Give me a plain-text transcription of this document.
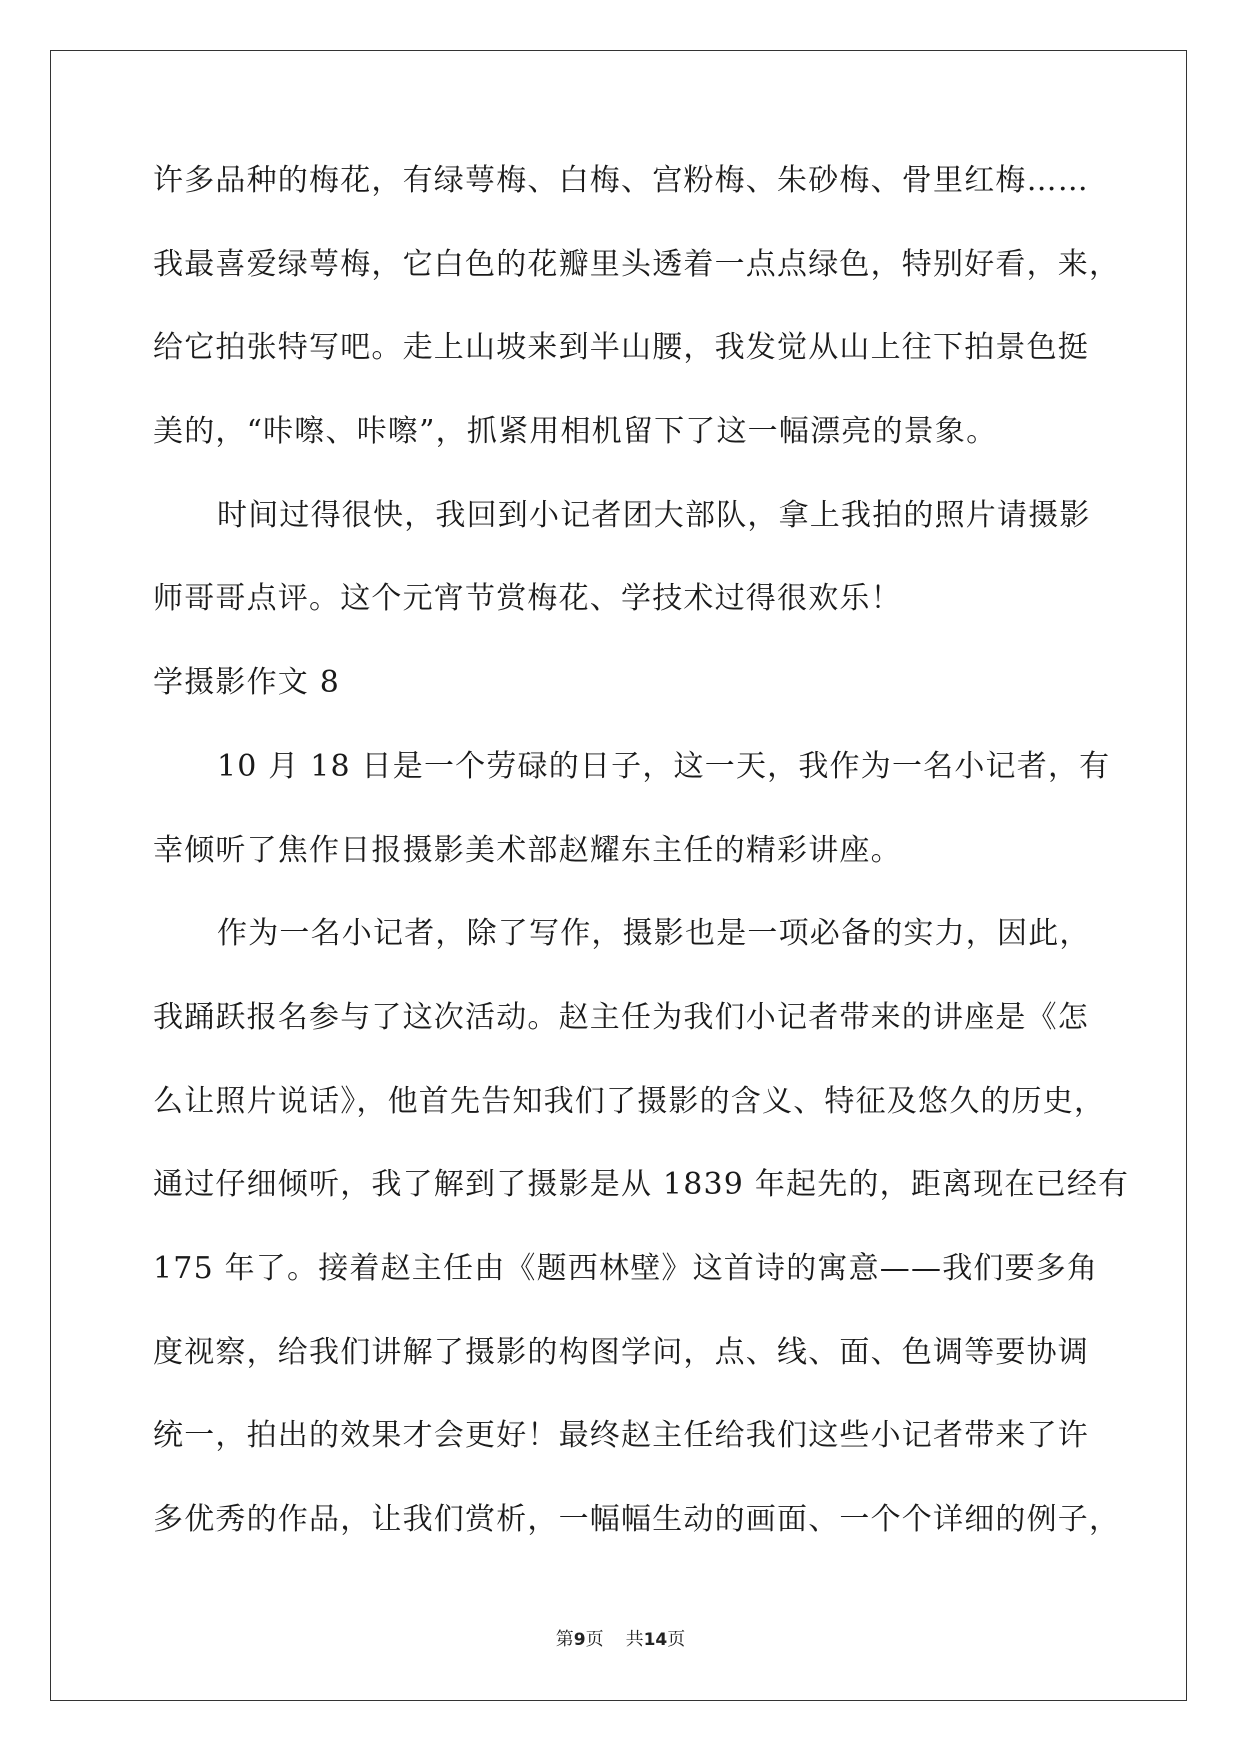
许多品种的梅花，有绿萼梅、白梅、宫粉梅、朱砂梅、骨里红梅……
我最喜爱绿萼梅，它白色的花瓣里头透着一点点绿色，特别好看，来，
给它拍张特写吧。走上山坡来到半山腰，我发觉从山上往下拍景色挺
美的，“咔嚓、咔嚓”，抓紧用相机留下了这一幅漂亮的景象。
时间过得很快，我回到小记者团大部队，拿上我拍的照片请摄影
师哥哥点评。这个元宵节赏梅花、学技术过得很欢乐！
学摄影作文 8
10 月 18 日是一个劳碌的日子，这一天，我作为一名小记者，有
幸倾听了焦作日报摄影美术部赵耀东主任的精彩讲座。
作为一名小记者，除了写作，摄影也是一项必备的实力，因此，
我踊跃报名参与了这次活动。赵主任为我们小记者带来的讲座是《怎
么让照片说话》，他首先告知我们了摄影的含义、特征及悠久的历史，
通过仔细倾听，我了解到了摄影是从 1839 年起先的，距离现在已经有
175 年了。接着赵主任由《题西林壁》这首诗的寓意——我们要多角
度视察，给我们讲解了摄影的构图学问，点、线、面、色调等要协调
统一，拍出的效果才会更好！最终赵主任给我们这些小记者带来了许
多优秀的作品，让我们赏析，一幅幅生动的画面、一个个详细的例子，
第9页 共14页
